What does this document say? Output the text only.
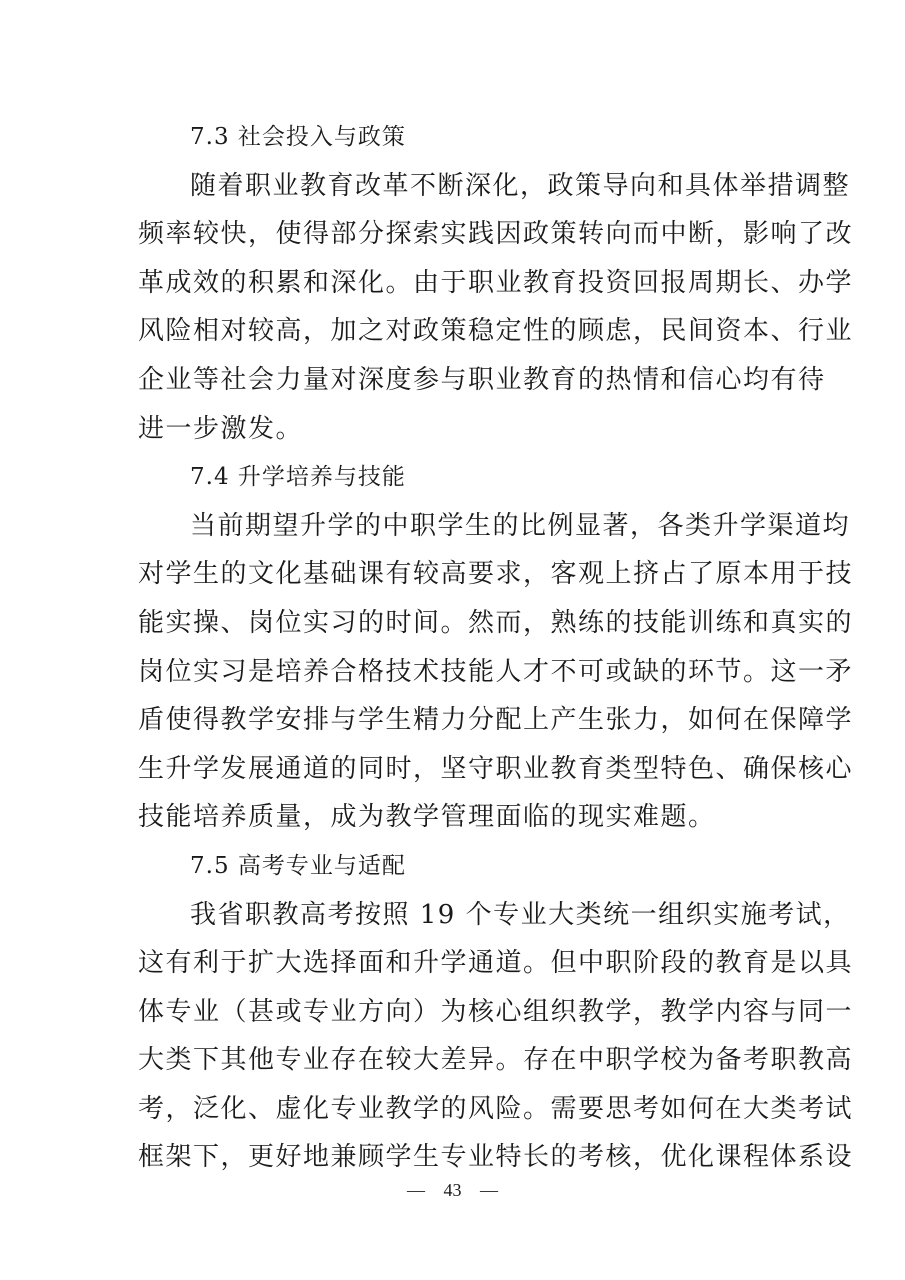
7.3 社会投入与政策
随着职业教育改革不断深化，政策导向和具体举措调整
频率较快，使得部分探索实践因政策转向而中断，影响了改
革成效的积累和深化。由于职业教育投资回报周期长、办学
风险相对较高，加之对政策稳定性的顾虑，民间资本、行业
企业等社会力量对深度参与职业教育的热情和信心均有待
进一步激发。
7.4 升学培养与技能
当前期望升学的中职学生的比例显著，各类升学渠道均
对学生的文化基础课有较高要求，客观上挤占了原本用于技
能实操、岗位实习的时间。然而，熟练的技能训练和真实的
岗位实习是培养合格技术技能人才不可或缺的环节。这一矛
盾使得教学安排与学生精力分配上产生张力，如何在保障学
生升学发展通道的同时，坚守职业教育类型特色、确保核心
技能培养质量，成为教学管理面临的现实难题。
7.5 高考专业与适配
我省职教高考按照 19 个专业大类统一组织实施考试，
这有利于扩大选择面和升学通道。但中职阶段的教育是以具
体专业（甚或专业方向）为核心组织教学，教学内容与同一
大类下其他专业存在较大差异。存在中职学校为备考职教高
考，泛化、虚化专业教学的风险。需要思考如何在大类考试
框架下，更好地兼顾学生专业特长的考核，优化课程体系设
— 43 —
